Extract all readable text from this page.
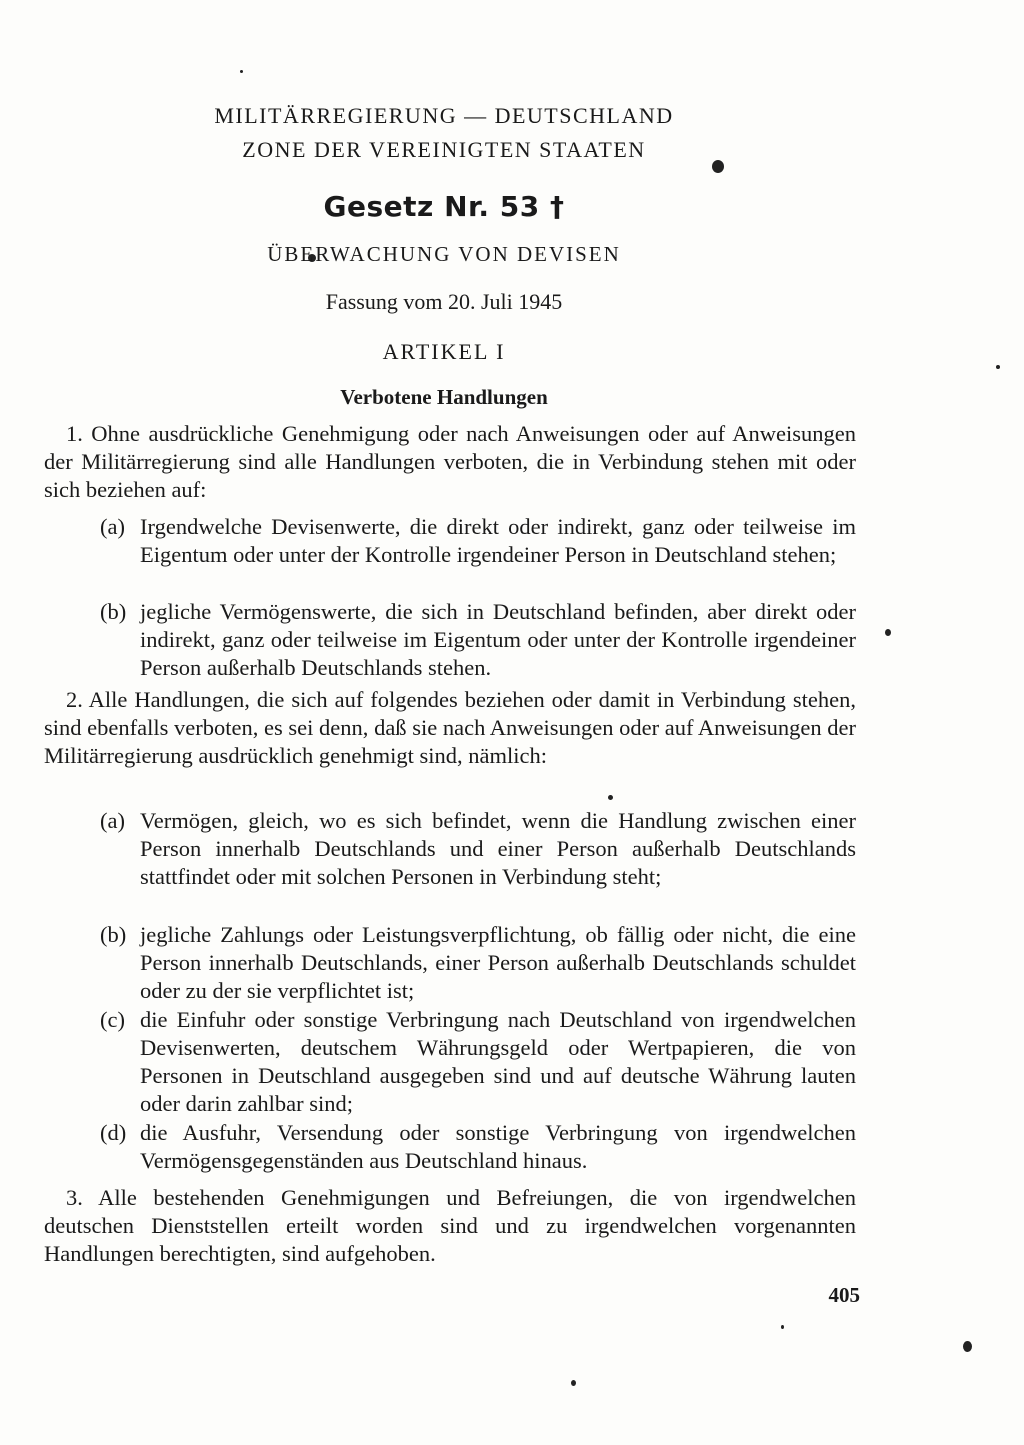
MILITÄRREGIERUNG — DEUTSCHLAND
ZONE DER VEREINIGTEN STAATEN
Gesetz Nr. 53 †
ÜBERWACHUNG VON DEVISEN
Fassung vom 20. Juli 1945
ARTIKEL I
Verbotene Handlungen
1. Ohne ausdrückliche Genehmigung oder nach Anweisungen oder auf Anweisungen der Militärregierung sind alle Handlungen verboten, die in Verbindung stehen mit oder sich beziehen auf:
(a) Irgendwelche Devisenwerte, die direkt oder indirekt, ganz oder teilweise im Eigentum oder unter der Kontrolle irgendeiner Person in Deutschland stehen;
(b) jegliche Vermögenswerte, die sich in Deutschland befinden, aber direkt oder indirekt, ganz oder teilweise im Eigentum oder unter der Kontrolle irgendeiner Person außerhalb Deutschlands stehen.
2. Alle Handlungen, die sich auf folgendes beziehen oder damit in Verbindung stehen, sind ebenfalls verboten, es sei denn, daß sie nach Anweisungen oder auf Anweisungen der Militärregierung ausdrücklich genehmigt sind, nämlich:
(a) Vermögen, gleich, wo es sich befindet, wenn die Handlung zwischen einer Person innerhalb Deutschlands und einer Person außerhalb Deutschlands stattfindet oder mit solchen Personen in Verbindung steht;
(b) jegliche Zahlungs oder Leistungsverpflichtung, ob fällig oder nicht, die eine Person innerhalb Deutschlands, einer Person außerhalb Deutschlands schuldet oder zu der sie verpflichtet ist;
(c) die Einfuhr oder sonstige Verbringung nach Deutschland von irgendwelchen Devisenwerten, deutschem Währungsgeld oder Wertpapieren, die von Personen in Deutschland ausgegeben sind und auf deutsche Währung lauten oder darin zahlbar sind;
(d) die Ausfuhr, Versendung oder sonstige Verbringung von irgendwelchen Vermögensgegenständen aus Deutschland hinaus.
3. Alle bestehenden Genehmigungen und Befreiungen, die von irgendwelchen deutschen Dienststellen erteilt worden sind und zu irgendwelchen vorgenannten Handlungen berechtigten, sind aufgehoben.
405
